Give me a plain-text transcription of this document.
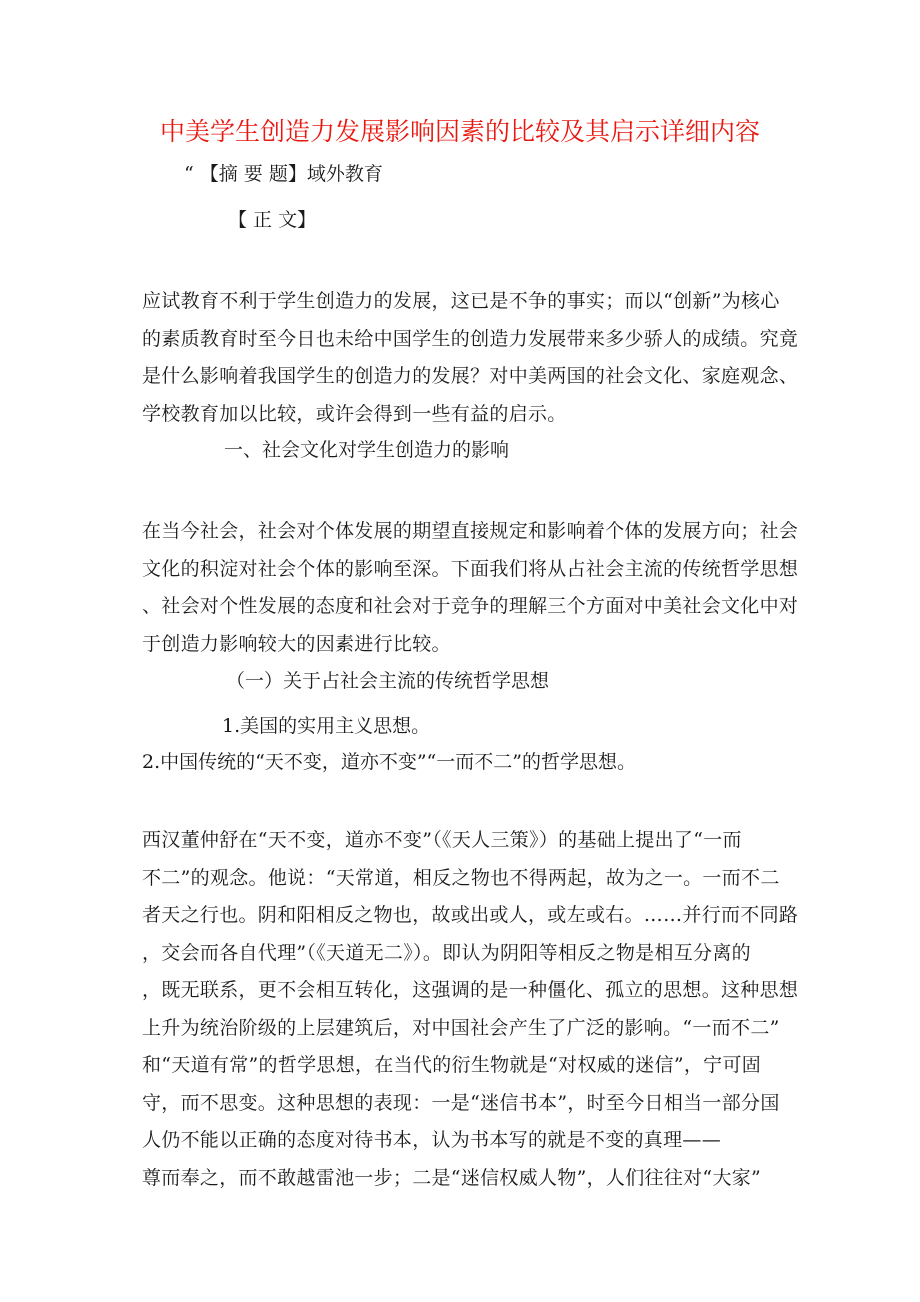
中美学生创造力发展影响因素的比较及其启示详细内容
“ 【摘 要 题】域外教育
【 正 文】
应试教育不利于学生创造力的发展，这已是不争的事实；而以“创新”为核心
的素质教育时至今日也未给中国学生的创造力发展带来多少骄人的成绩。究竟
是什么影响着我国学生的创造力的发展？对中美两国的社会文化、家庭观念、
学校教育加以比较，或许会得到一些有益的启示。
一、社会文化对学生创造力的影响
在当今社会，社会对个体发展的期望直接规定和影响着个体的发展方向；社会
文化的积淀对社会个体的影响至深。下面我们将从占社会主流的传统哲学思想
、社会对个性发展的态度和社会对于竞争的理解三个方面对中美社会文化中对
于创造力影响较大的因素进行比较。
（一）关于占社会主流的传统哲学思想
1.美国的实用主义思想。
2.中国传统的“天不变，道亦不变”“一而不二”的哲学思想。
西汉董仲舒在“天不变，道亦不变”（《天人三策》）的基础上提出了“一而
不二”的观念。他说：“天常道，相反之物也不得两起，故为之一。一而不二
者天之行也。阴和阳相反之物也，故或出或人，或左或右。……并行而不同路
，交会而各自代理”（《天道无二》）。即认为阴阳等相反之物是相互分离的
，既无联系，更不会相互转化，这强调的是一种僵化、孤立的思想。这种思想
上升为统治阶级的上层建筑后，对中国社会产生了广泛的影响。“一而不二”
和“天道有常”的哲学思想，在当代的衍生物就是“对权威的迷信”，宁可固
守，而不思变。这种思想的表现：一是“迷信书本”，时至今日相当一部分国
人仍不能以正确的态度对待书本，认为书本写的就是不变的真理——
尊而奉之，而不敢越雷池一步；二是“迷信权威人物”，人们往往对“大家”
